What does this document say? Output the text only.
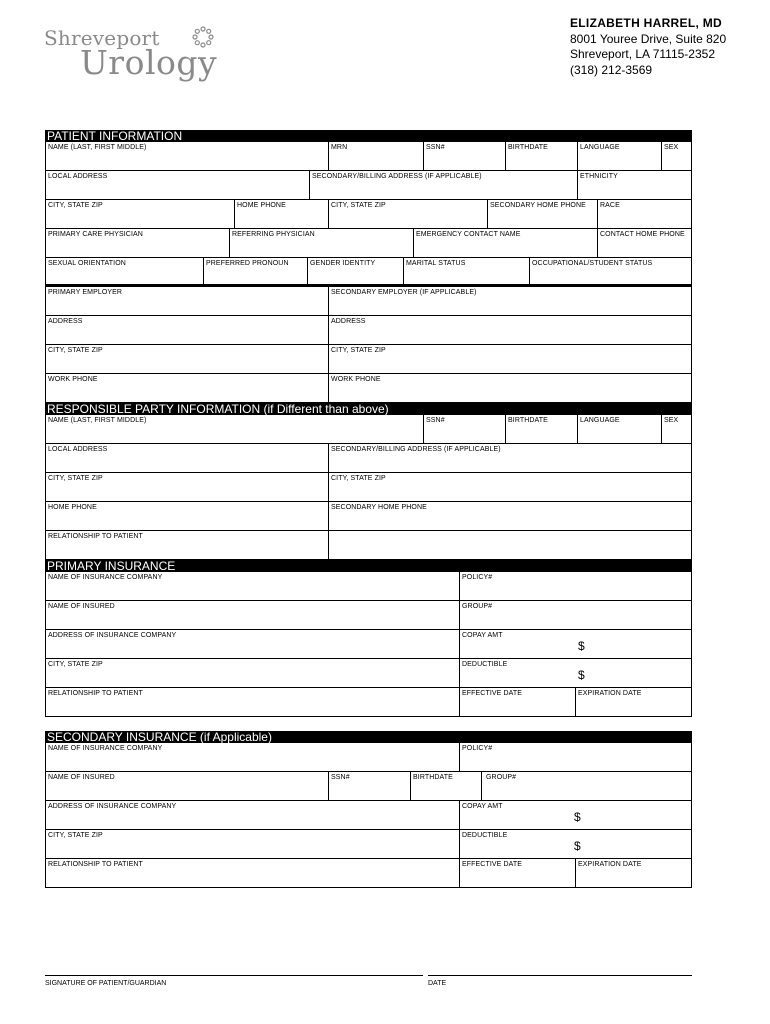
Shreveport
Urology
ELIZABETH HARREL, MD
8001 Youree Drive, Suite 820
Shreveport, LA 71115-2352
(318) 212-3569
PATIENT INFORMATION
NAME (LAST, FIRST MIDDLE)	MRN	SSN#	BIRTHDATE	LANGUAGE	SEX
LOCAL ADDRESS	SECONDARY/BILLING ADDRESS (IF APPLICABLE)	ETHNICITY
CITY, STATE ZIP	HOME PHONE	CITY, STATE ZIP	SECONDARY HOME PHONE	RACE
PRIMARY CARE PHYSICIAN	REFERRING PHYSICIAN	EMERGENCY CONTACT NAME	CONTACT HOME PHONE
SEXUAL ORIENTATION	PREFERRED PRONOUN	GENDER IDENTITY	MARITAL STATUS	OCCUPATIONAL/STUDENT STATUS
PRIMARY EMPLOYER	SECONDARY EMPLOYER (IF APPLICABLE)
ADDRESS	ADDRESS
CITY, STATE ZIP	CITY, STATE ZIP
WORK PHONE	WORK PHONE
RESPONSIBLE PARTY INFORMATION (if Different than above)
NAME (LAST, FIRST MIDDLE)	SSN#	BIRTHDATE	LANGUAGE	SEX
LOCAL ADDRESS	SECONDARY/BILLING ADDRESS (IF APPLICABLE)
CITY, STATE ZIP	CITY, STATE ZIP
HOME PHONE	SECONDARY HOME PHONE
RELATIONSHIP TO PATIENT
PRIMARY INSURANCE
NAME OF INSURANCE COMPANY	POLICY#
NAME OF INSURED	GROUP#
ADDRESS OF INSURANCE COMPANY	COPAY AMT
$
CITY, STATE ZIP	DEDUCTIBLE
$
RELATIONSHIP TO PATIENT	EFFECTIVE DATE	EXPIRATION DATE
SECONDARY INSURANCE (if Applicable)
NAME OF INSURANCE COMPANY	POLICY#
NAME OF INSURED	SSN#	BIRTHDATE	GROUP#
ADDRESS OF INSURANCE COMPANY	COPAY AMT
$
CITY, STATE ZIP	DEDUCTIBLE
$
RELATIONSHIP TO PATIENT	EFFECTIVE DATE	EXPIRATION DATE
SIGNATURE OF PATIENT/GUARDIAN	DATE
